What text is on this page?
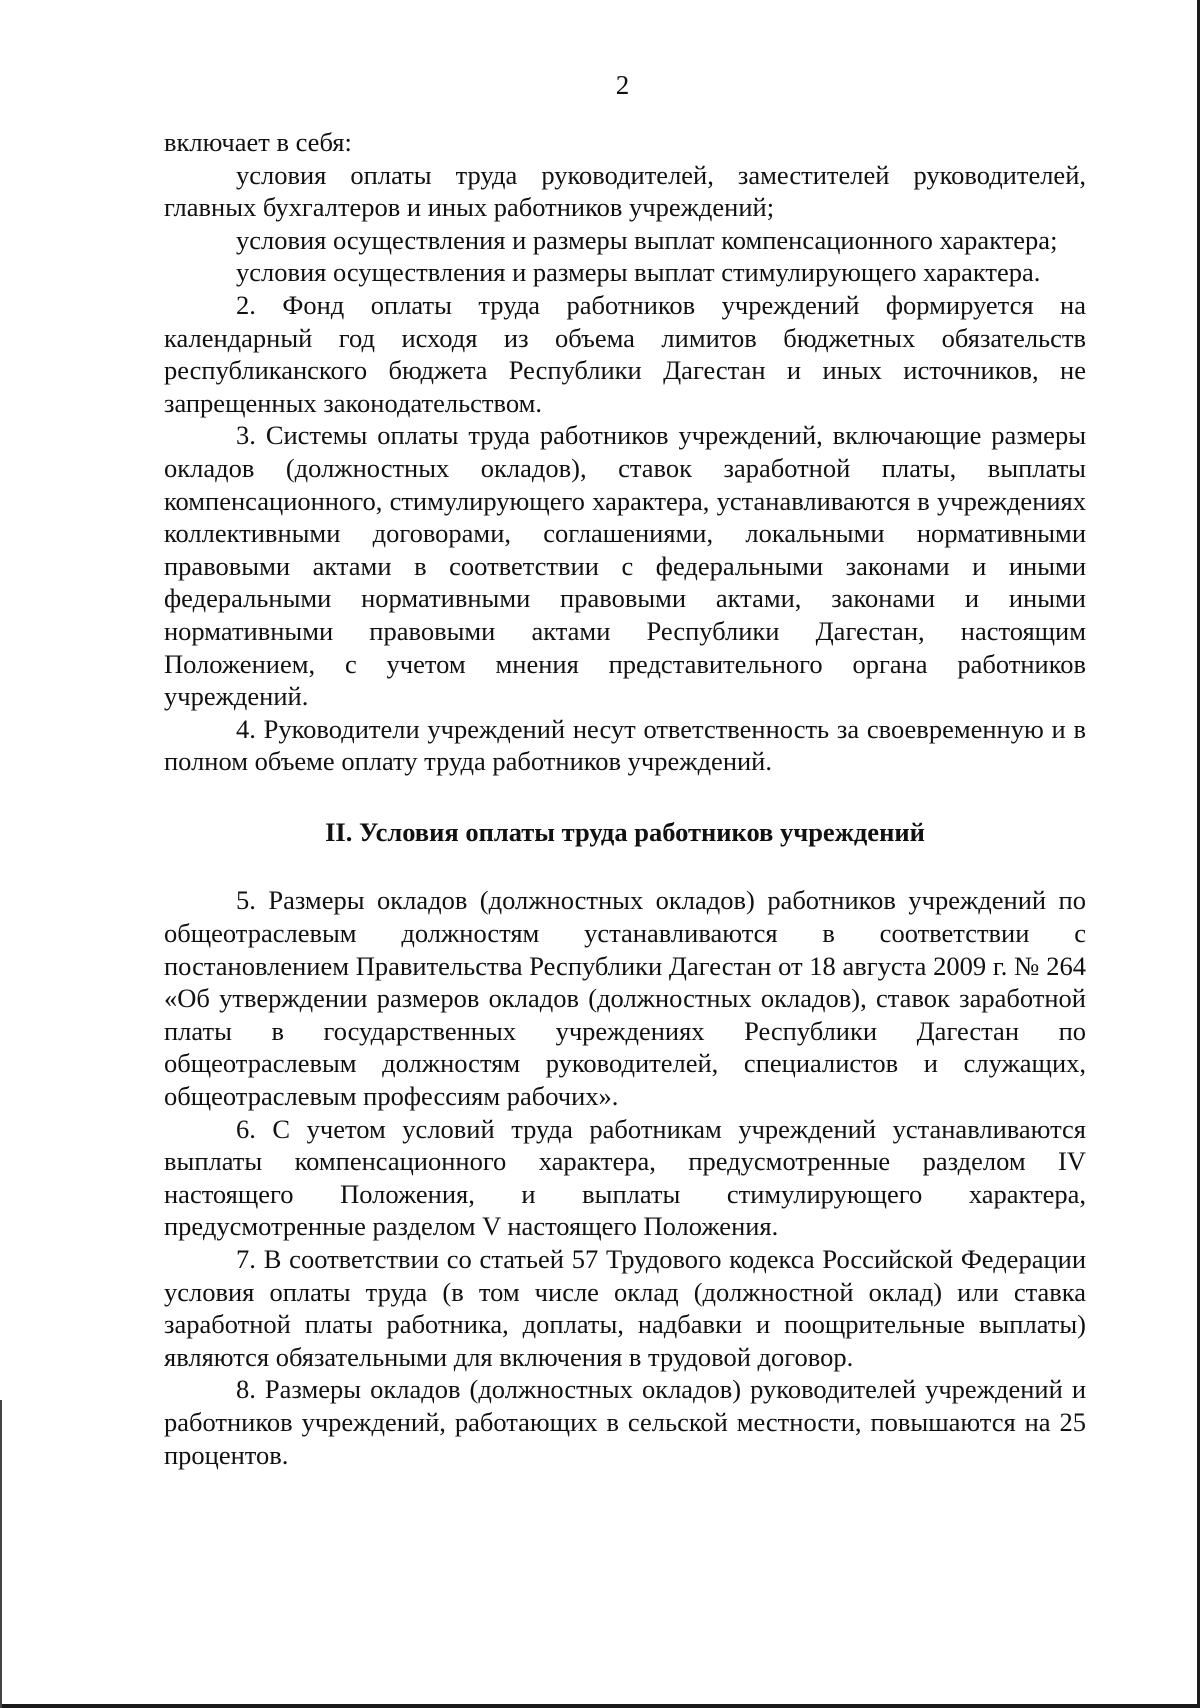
2

включает в себя:

условия оплаты труда руководителей, заместителей руководителей, главных бухгалтеров и иных работников учреждений;

условия осуществления и размеры выплат компенсационного характера;

условия осуществления и размеры выплат стимулирующего характера.

2. Фонд оплаты труда работников учреждений формируется на календарный год исходя из объема лимитов бюджетных обязательств республиканского бюджета Республики Дагестан и иных источников, не запрещенных законодательством.

3. Системы оплаты труда работников учреждений, включающие размеры окладов (должностных окладов), ставок заработной платы, выплаты компенсационного, стимулирующего характера, устанавливаются в учреждениях коллективными договорами, соглашениями, локальными нормативными правовыми актами в соответствии с федеральными законами и иными федеральными нормативными правовыми актами, законами и иными нормативными правовыми актами Республики Дагестан, настоящим Положением, с учетом мнения представительного органа работников учреждений.

4. Руководители учреждений несут ответственность за своевременную и в полном объеме оплату труда работников учреждений.

II. Условия оплаты труда работников учреждений

5. Размеры окладов (должностных окладов) работников учреждений по общеотраслевым должностям устанавливаются в соответствии с постановлением Правительства Республики Дагестан от 18 августа 2009 г. № 264 «Об утверждении размеров окладов (должностных окладов), ставок заработной платы в государственных учреждениях Республики Дагестан по общеотраслевым должностям руководителей, специалистов и служащих, общеотраслевым профессиям рабочих».

6. С учетом условий труда работникам учреждений устанавливаются выплаты компенсационного характера, предусмотренные разделом IV настоящего Положения, и выплаты стимулирующего характера, предусмотренные разделом V настоящего Положения.

7. В соответствии со статьей 57 Трудового кодекса Российской Федерации условия оплаты труда (в том числе оклад (должностной оклад) или ставка заработной платы работника, доплаты, надбавки и поощрительные выплаты) являются обязательными для включения в трудовой договор.

8. Размеры окладов (должностных окладов) руководителей учреждений и работников учреждений, работающих в сельской местности, повышаются на 25 процентов.
